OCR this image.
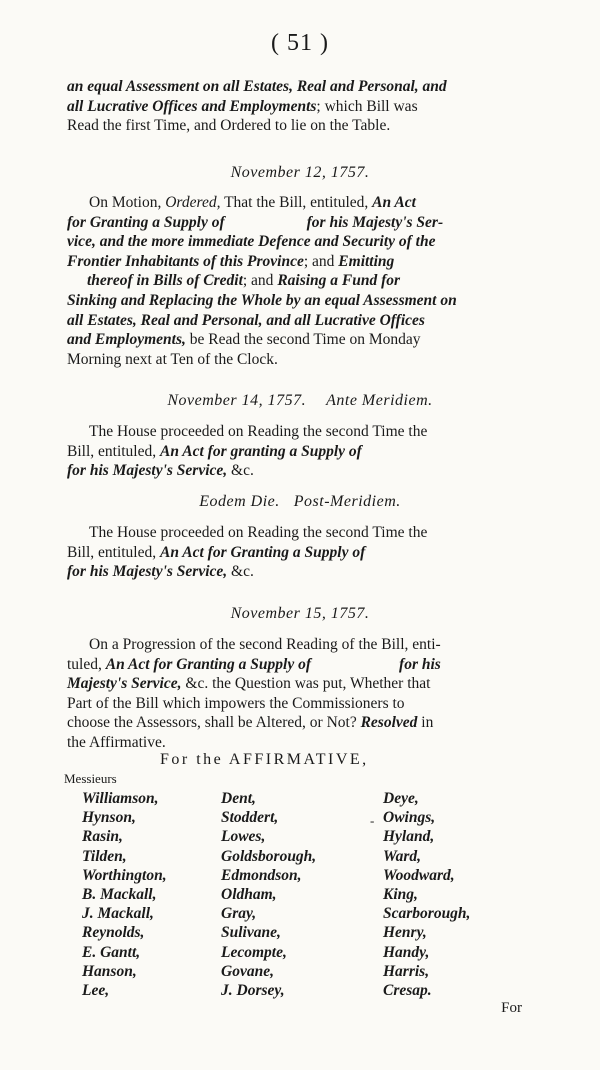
( 51 )
an equal Assessment on all Estates, Real and Personal, and
all Lucrative Offices and Employments; which Bill was
Read the first Time, and Ordered to lie on the Table.
November 12, 1757.
On Motion, Ordered, That the Bill, entituled, An Act
for Granting a Supply of	for his Majesty's Ser-
vice, and the more immediate Defence and Security of the
Frontier Inhabitants of this Province; and Emitting
thereof in Bills of Credit; and Raising a Fund for
Sinking and Replacing the Whole by an equal Assessment on
all Estates, Real and Personal, and all Lucrative Offices
and Employments, be Read the second Time on Monday
Morning next at Ten of the Clock.
November 14, 1757. Ante Meridiem.
The House proceeded on Reading the second Time the
Bill, entituled, An Act for granting a Supply of
for his Majesty's Service, &c.
Eodem Die. Post-Meridiem.
The House proceeded on Reading the second Time the
Bill, entituled, An Act for Granting a Supply of
for his Majesty's Service, &c.
November 15, 1757.
On a Progression of the second Reading of the Bill, enti-
tuled, An Act for Granting a Supply of	for his
Majesty's Service, &c. the Question was put, Whether that
Part of the Bill which impowers the Commissioners to
choose the Assessors, shall be Altered, or Not? Resolved in
the Affirmative.
For the AFFIRMATIVE,
Messieurs
Williamson,
Hynson,
Rasin,
Tilden,
Worthington,
B. Mackall,
J. Mackall,
Reynolds,
E. Gantt,
Hanson,
Lee,
Dent,
Stoddert,
Lowes,
Goldsborough,
Edmondson,
Oldham,
Gray,
Sulivane,
Lecompte,
Govane,
J. Dorsey,
-
Deye,
Owings,
Hyland,
Ward,
Woodward,
King,
Scarborough,
Henry,
Handy,
Harris,
Cresap.
For
